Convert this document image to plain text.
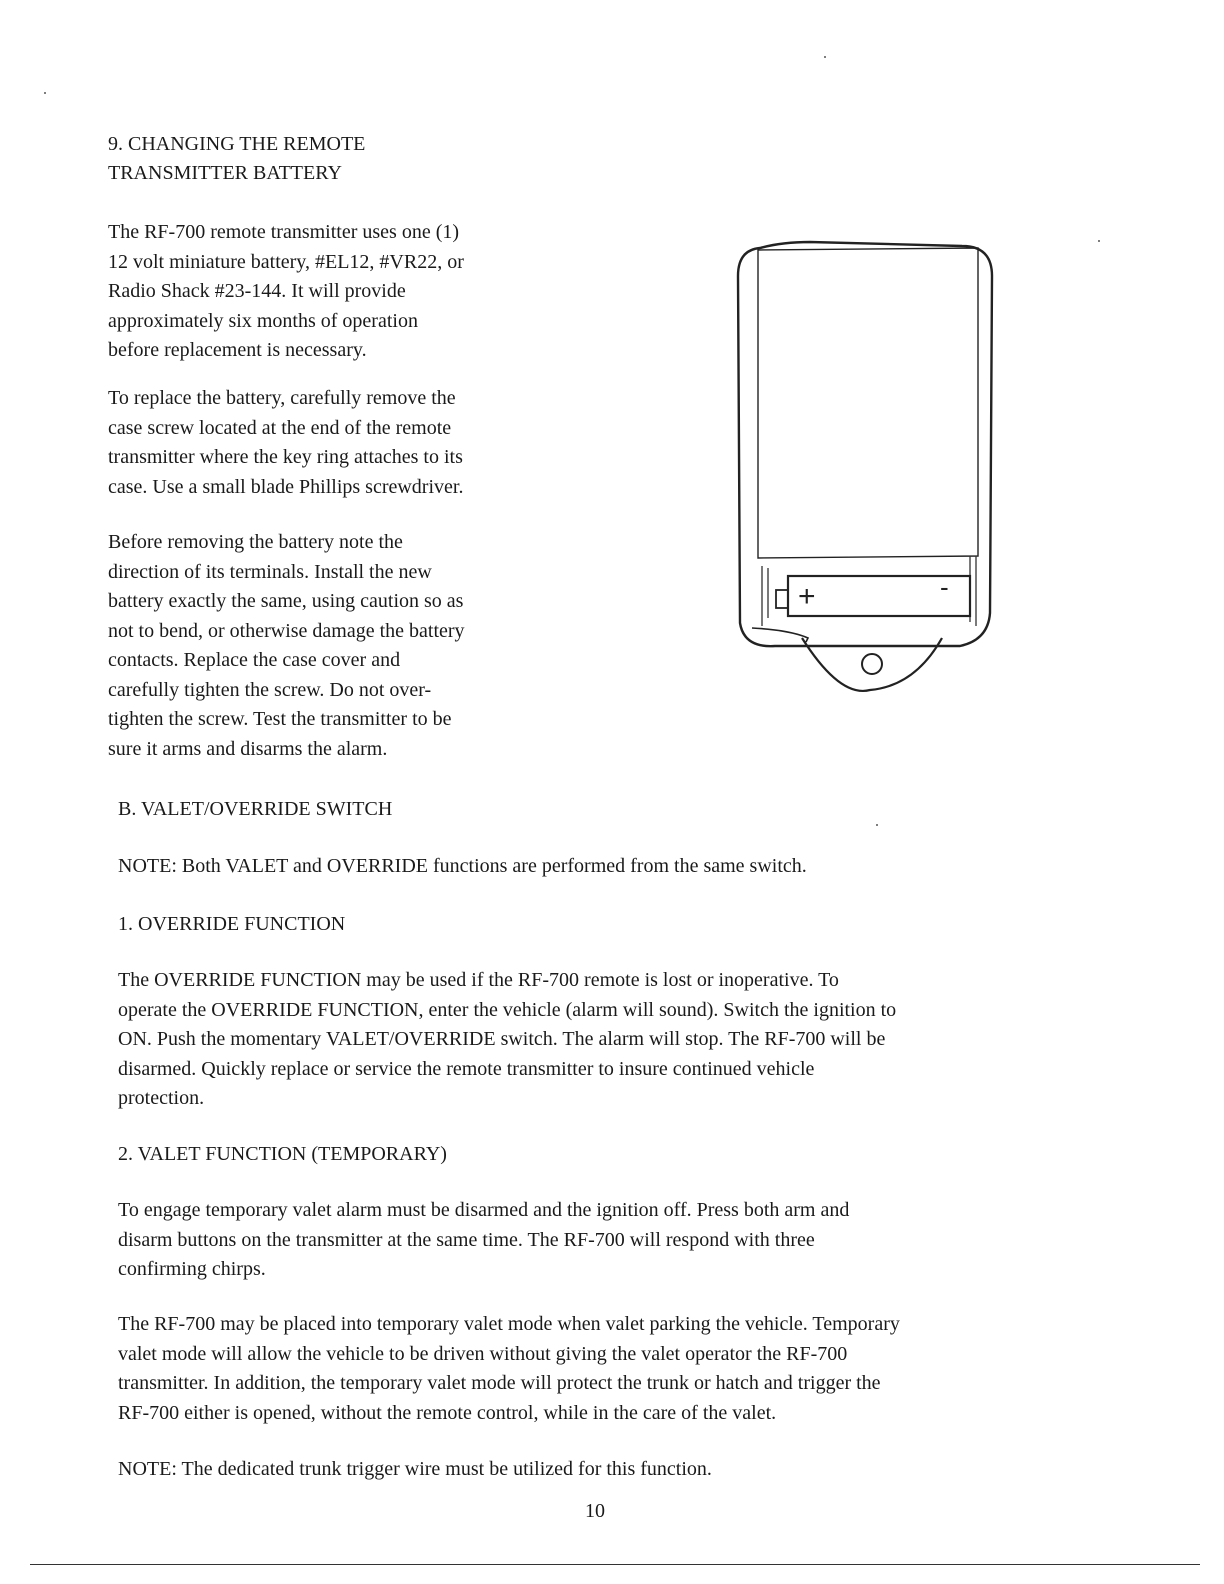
9. CHANGING THE REMOTE

TRANSMITTER BATTERY

The RF-700 remote transmitter uses one (1)
12 volt miniature battery, #EL12, #VR22, or
Radio Shack #23-144. It will provide
approximately six months of operation
before replacement is necessary.

To replace the battery, carefully remove the
case screw located at the end of the remote
transmitter where the key ring attaches to its
case. Use a small blade Phillips screwdriver.

Before removing the battery note the
direction of its terminals. Install the new
battery exactly the same, using caution so as
not to bend, or otherwise damage the battery
contacts. Replace the case cover and
carefully tighten the screw. Do not over-
tighten the screw. Test the transmitter to be
sure it arms and disarms the alarm.

+	-

B. VALET/OVERRIDE SWITCH

NOTE: Both VALET and OVERRIDE functions are performed from the same switch.

1. OVERRIDE FUNCTION

The OVERRIDE FUNCTION may be used if the RF-700 remote is lost or inoperative. To
operate the OVERRIDE FUNCTION, enter the vehicle (alarm will sound). Switch the ignition to
ON. Push the momentary VALET/OVERRIDE switch. The alarm will stop. The RF-700 will be
disarmed. Quickly replace or service the remote transmitter to insure continued vehicle
protection.

2. VALET FUNCTION (TEMPORARY)

To engage temporary valet alarm must be disarmed and the ignition off. Press both arm and
disarm buttons on the transmitter at the same time. The RF-700 will respond with three
confirming chirps.

The RF-700 may be placed into temporary valet mode when valet parking the vehicle. Temporary
valet mode will allow the vehicle to be driven without giving the valet operator the RF-700
transmitter. In addition, the temporary valet mode will protect the trunk or hatch and trigger the
RF-700 either is opened, without the remote control, while in the care of the valet.

NOTE: The dedicated trunk trigger wire must be utilized for this function.

10
